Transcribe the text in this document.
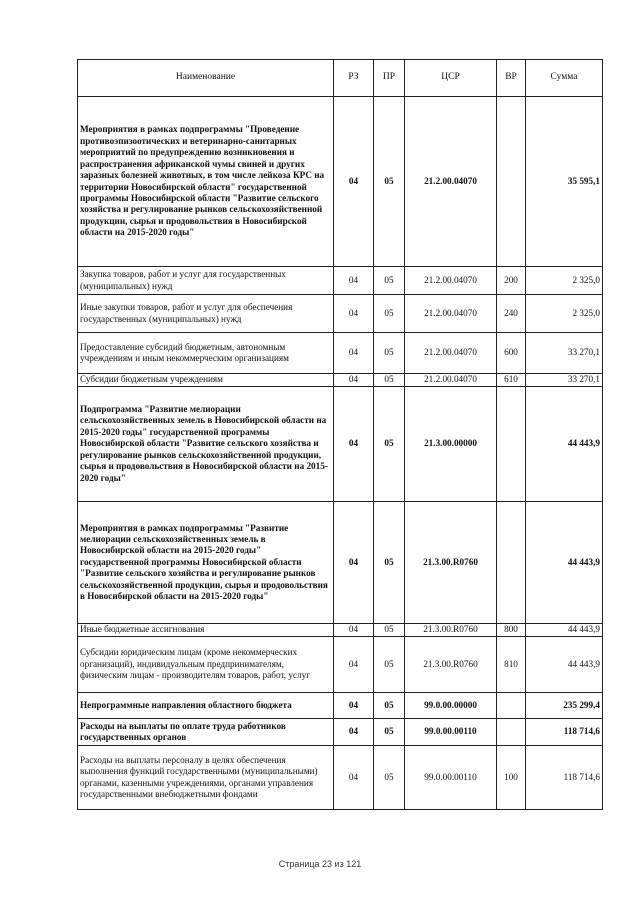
Наименование	РЗ	ПР	ЦСР	ВР	Сумма
Мероприятия в рамках подпрограммы "Проведение противоэпизоотических и ветеринарно-санитарных мероприятий по предупреждению возникновения и распространения африканской чумы свиней и других заразных болезней животных, в том числе лейкоза КРС на территории Новосибирской области" государственной программы Новосибирской области "Развитие сельского хозяйства и регулирование рынков сельскохозяйственной продукции, сырья и продовольствия в Новосибирской области на 2015-2020 годы"	04	05	21.2.00.04070		35 595,1
Закупка товаров, работ и услуг для государственных (муниципальных) нужд	04	05	21.2.00.04070	200	2 325,0
Иные закупки товаров, работ и услуг для обеспечения государственных (муниципальных) нужд	04	05	21.2.00.04070	240	2 325,0
Предоставление субсидий бюджетным, автономным учреждениям и иным некоммерческим организациям	04	05	21.2.00.04070	600	33 270,1
Субсидии бюджетным учреждениям	04	05	21.2.00.04070	610	33 270,1
Подпрограмма "Развитие мелиорации сельскохозяйственных земель в Новосибирской области на 2015-2020 годы" государственной программы Новосибирской области "Развитие сельского хозяйства и регулирование рынков сельскохозяйственной продукции, сырья и продовольствия в Новосибирской области на 2015-2020 годы"	04	05	21.3.00.00000		44 443,9
Мероприятия в рамках подпрограммы "Развитие мелиорации сельскохозяйственных земель в Новосибирской области на 2015-2020 годы" государственной программы Новосибирской области "Развитие сельского хозяйства и регулирование рынков сельскохозяйственной продукции, сырья и продовольствия в Новосибирской области на 2015-2020 годы"	04	05	21.3.00.R0760		44 443,9
Иные бюджетные ассигнования	04	05	21.3.00.R0760	800	44 443,9
Субсидии юридическим лицам (кроме некоммерческих организаций), индивидуальным предпринимателям, физическим лицам - производителям товаров, работ, услуг	04	05	21.3.00.R0760	810	44 443,9
Непрограммные направления областного бюджета	04	05	99.0.00.00000		235 299,4
Расходы на выплаты по оплате труда работников государственных органов	04	05	99.0.00.00110		118 714,6
Расходы на выплаты персоналу в целях обеспечения выполнения функций государственными (муниципальными) органами, казенными учреждениями, органами управления государственными внебюджетными фондами	04	05	99.0.00.00110	100	118 714,6
Страница 23 из 121
